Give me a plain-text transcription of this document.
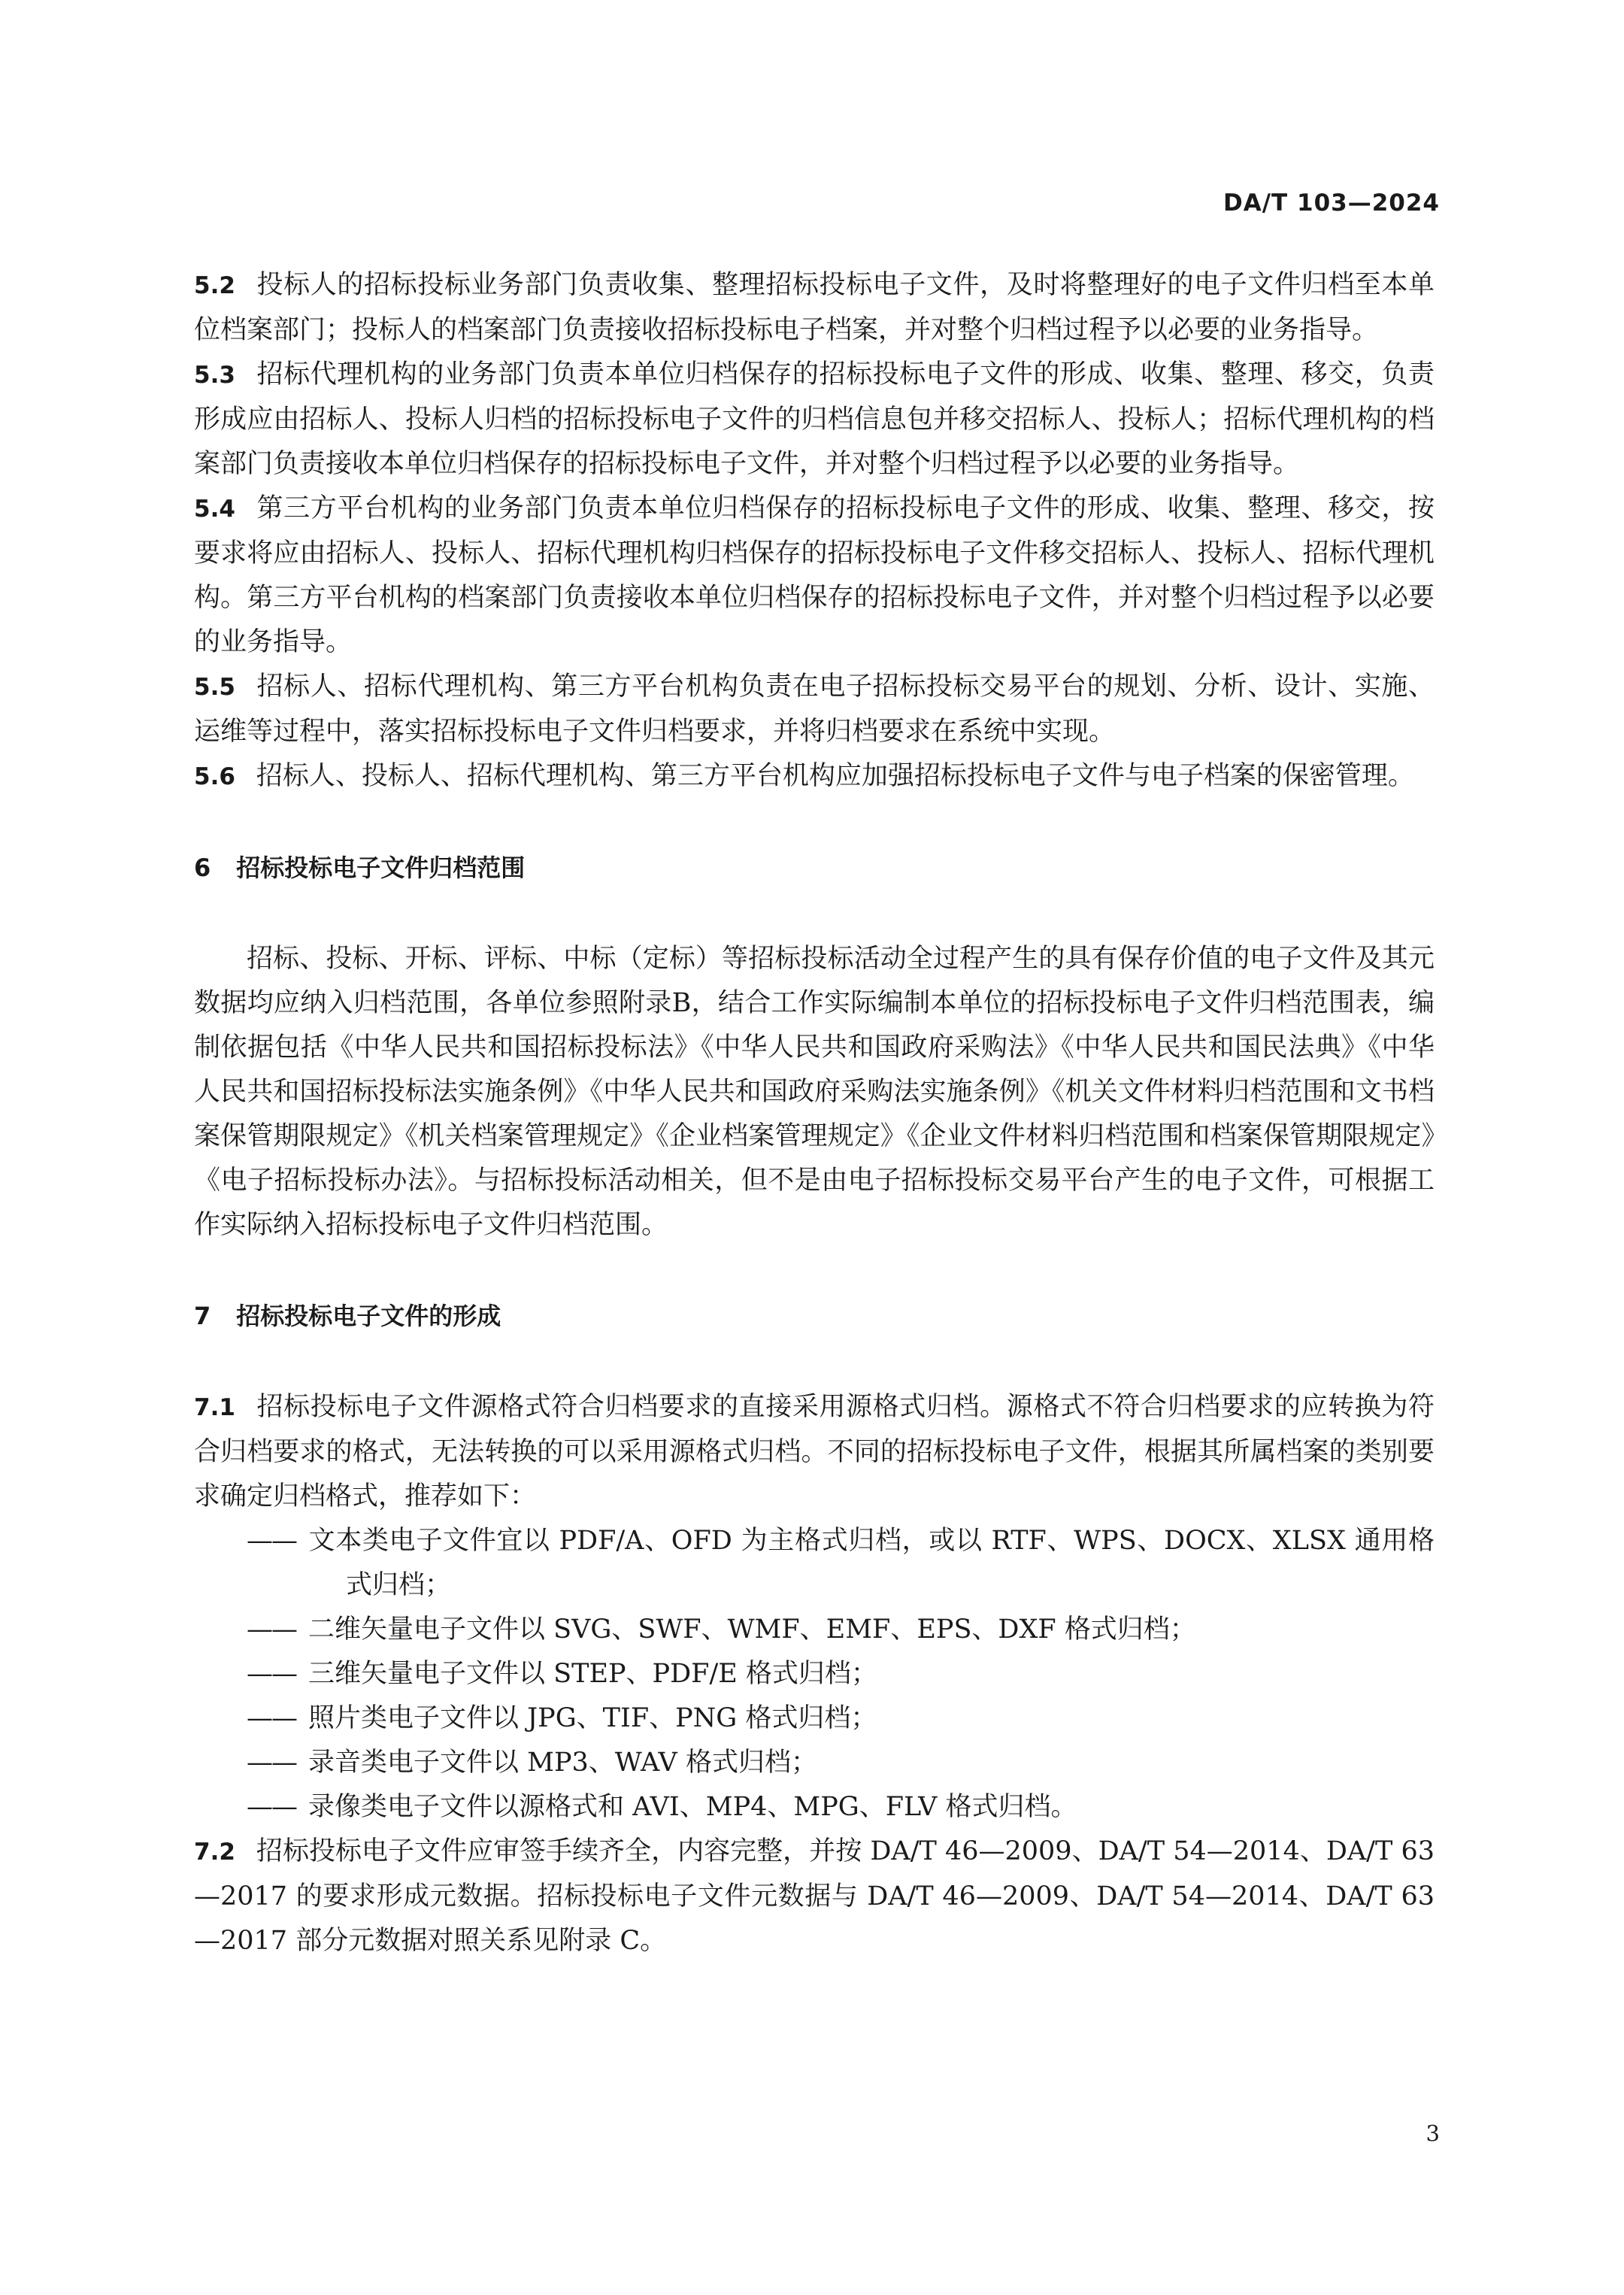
DA/T 103—2024

5.2 投标人的招标投标业务部门负责收集、整理招标投标电子文件，及时将整理好的电子文件归档至本单位档案部门；投标人的档案部门负责接收招标投标电子档案，并对整个归档过程予以必要的业务指导。

5.3 招标代理机构的业务部门负责本单位归档保存的招标投标电子文件的形成、收集、整理、移交，负责形成应由招标人、投标人归档的招标投标电子文件的归档信息包并移交招标人、投标人；招标代理机构的档案部门负责接收本单位归档保存的招标投标电子文件，并对整个归档过程予以必要的业务指导。

5.4 第三方平台机构的业务部门负责本单位归档保存的招标投标电子文件的形成、收集、整理、移交，按要求将应由招标人、投标人、招标代理机构归档保存的招标投标电子文件移交招标人、投标人、招标代理机构。第三方平台机构的档案部门负责接收本单位归档保存的招标投标电子文件，并对整个归档过程予以必要的业务指导。

5.5 招标人、招标代理机构、第三方平台机构负责在电子招标投标交易平台的规划、分析、设计、实施、运维等过程中，落实招标投标电子文件归档要求，并将归档要求在系统中实现。

5.6 招标人、投标人、招标代理机构、第三方平台机构应加强招标投标电子文件与电子档案的保密管理。

6 招标投标电子文件归档范围

招标、投标、开标、评标、中标（定标）等招标投标活动全过程产生的具有保存价值的电子文件及其元数据均应纳入归档范围，各单位参照附录B，结合工作实际编制本单位的招标投标电子文件归档范围表，编制依据包括《中华人民共和国招标投标法》《中华人民共和国政府采购法》《中华人民共和国民法典》《中华人民共和国招标投标法实施条例》《中华人民共和国政府采购法实施条例》《机关文件材料归档范围和文书档案保管期限规定》《机关档案管理规定》《企业档案管理规定》《企业文件材料归档范围和档案保管期限规定》《电子招标投标办法》。与招标投标活动相关，但不是由电子招标投标交易平台产生的电子文件，可根据工作实际纳入招标投标电子文件归档范围。

7 招标投标电子文件的形成

7.1 招标投标电子文件源格式符合归档要求的直接采用源格式归档。源格式不符合归档要求的应转换为符合归档要求的格式，无法转换的可以采用源格式归档。不同的招标投标电子文件，根据其所属档案的类别要求确定归档格式，推荐如下：

—— 文本类电子文件宜以 PDF/A、OFD 为主格式归档，或以 RTF、WPS、DOCX、XLSX 通用格式归档；
—— 二维矢量电子文件以 SVG、SWF、WMF、EMF、EPS、DXF 格式归档；
—— 三维矢量电子文件以 STEP、PDF/E 格式归档；
—— 照片类电子文件以 JPG、TIF、PNG 格式归档；
—— 录音类电子文件以 MP3、WAV 格式归档；
—— 录像类电子文件以源格式和 AVI、MP4、MPG、FLV 格式归档。

7.2 招标投标电子文件应审签手续齐全，内容完整，并按 DA/T 46—2009、DA/T 54—2014、DA/T 63—2017 的要求形成元数据。招标投标电子文件元数据与 DA/T 46—2009、DA/T 54—2014、DA/T 63—2017 部分元数据对照关系见附录 C。

3
